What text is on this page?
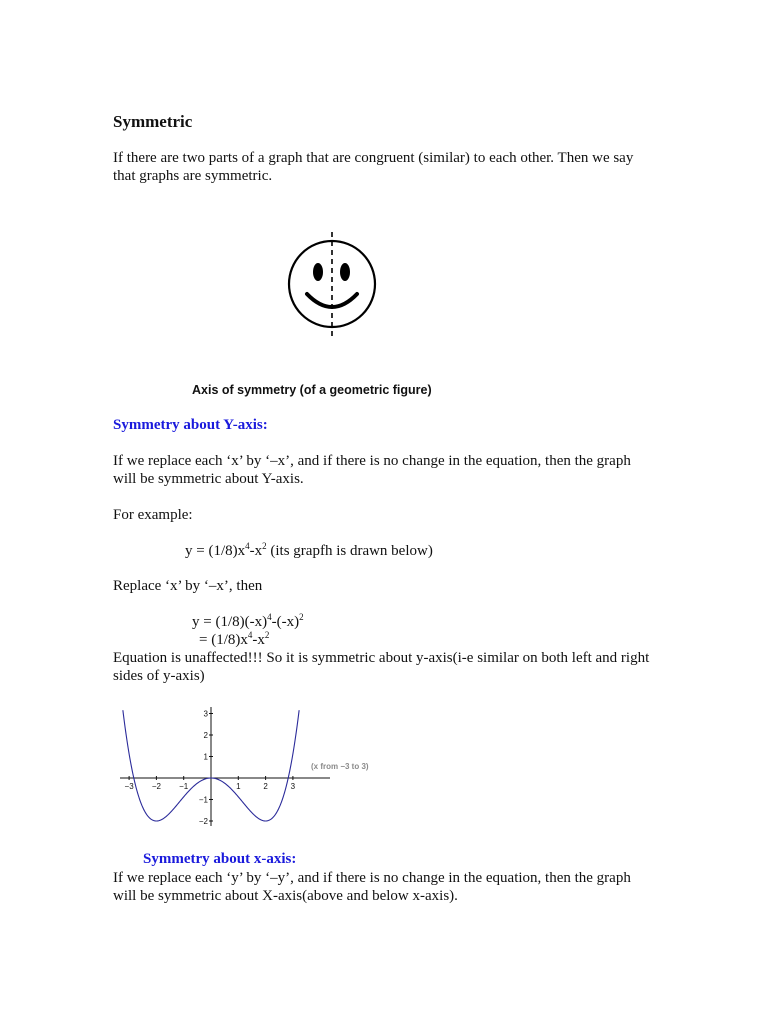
Symmetric
If there are two parts of a graph that are congruent (similar) to each other. Then we say
that graphs are symmetric.
Axis of symmetry (of a geometric figure)
Symmetry about Y-axis:
If we replace each ‘x’ by ‘–x’, and if there is no change in the equation, then the graph
will be symmetric about Y-axis.
For example:
$y = (1/8)x^4-x^2$ (its grapfh is drawn below)
Replace ‘x’ by ‘–x’, then
$y = (1/8)(-x)^4-(-x)^2$
= $(1/8)x^4-x^2$
Equation is unaffected!!! So it is symmetric about y-axis(i-e similar on both left and right
sides of y-axis)
−3 −2 −1	1	2	3
3
2
1
−1
−2
(x from −3 to 3)
Symmetry about x-axis:
If we replace each ‘y’ by ‘–y’, and if there is no change in the equation, then the graph
will be symmetric about X-axis(above and below x-axis).
